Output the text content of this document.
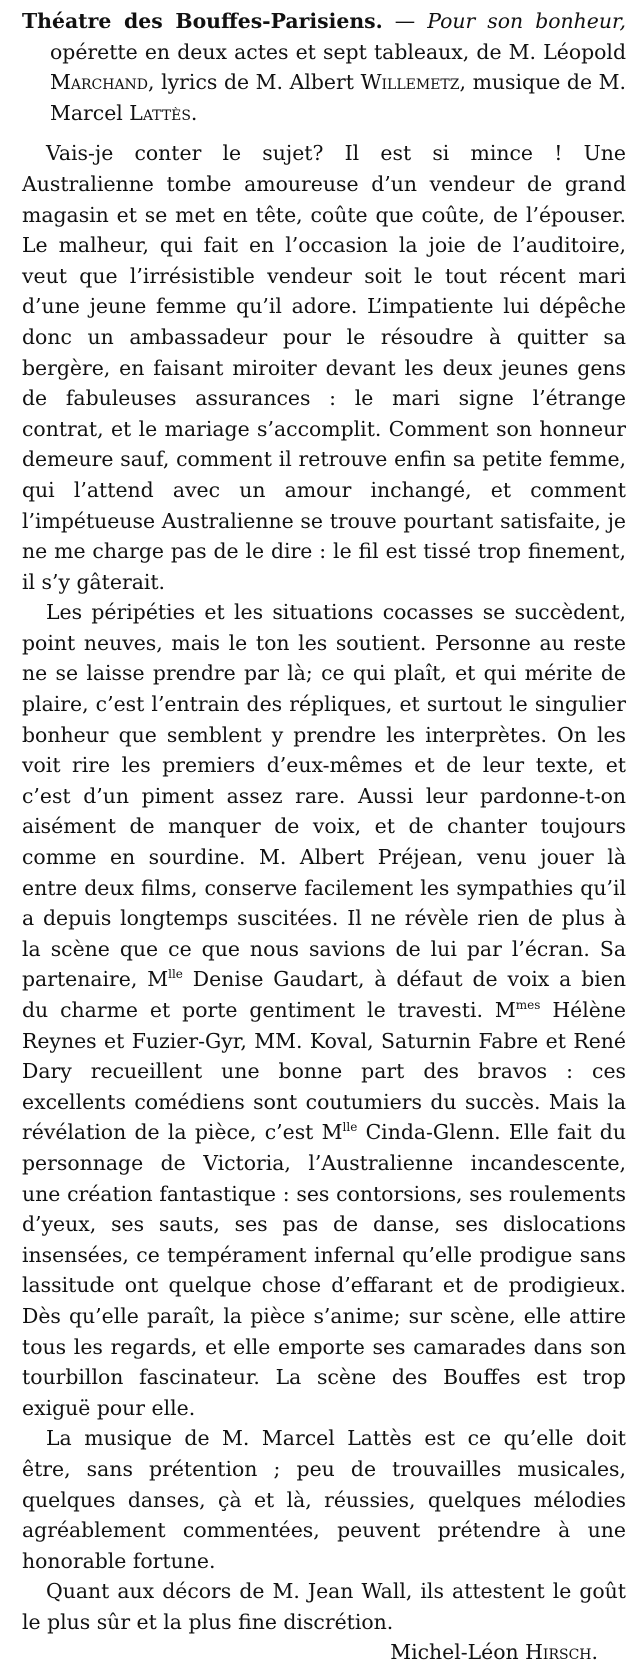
Théatre des Bouffes-Parisiens. — Pour son bonheur, opérette en deux actes et sept tableaux, de M. Léopold Marchand, lyrics de M. Albert Willemetz, musique de M. Marcel Lattès.

Vais-je conter le sujet? Il est si mince ! Une Australienne tombe amoureuse d’un vendeur de grand magasin et se met en tête, coûte que coûte, de l’épouser. Le malheur, qui fait en l’occasion la joie de l’auditoire, veut que l’irrésistible vendeur soit le tout récent mari d’une jeune femme qu’il adore. L’impatiente lui dépêche donc un ambassadeur pour le résoudre à quitter sa bergère, en faisant miroiter devant les deux jeunes gens de fabuleuses assurances : le mari signe l’étrange contrat, et le mariage s’accomplit. Comment son honneur demeure sauf, comment il retrouve enfin sa petite femme, qui l’attend avec un amour inchangé, et comment l’impétueuse Australienne se trouve pourtant satisfaite, je ne me charge pas de le dire : le fil est tissé trop finement, il s’y gâterait.

Les péripéties et les situations cocasses se succèdent, point neuves, mais le ton les soutient. Personne au reste ne se laisse prendre par là; ce qui plaît, et qui mérite de plaire, c’est l’entrain des répliques, et surtout le singulier bonheur que semblent y prendre les interprètes. On les voit rire les premiers d’eux-mêmes et de leur texte, et c’est d’un piment assez rare. Aussi leur pardonne-t-on aisément de manquer de voix, et de chanter toujours comme en sourdine. M. Albert Préjean, venu jouer là entre deux films, conserve facilement les sympathies qu’il a depuis longtemps suscitées. Il ne révèle rien de plus à la scène que ce que nous savions de lui par l’écran. Sa partenaire, $M^{lle}$ Denise Gaudart, à défaut de voix a bien du charme et porte gentiment le travesti. $M^{mes}$ Hélène Reynes et Fuzier-Gyr, MM. Koval, Saturnin Fabre et René Dary recueillent une bonne part des bravos : ces excellents comédiens sont coutumiers du succès. Mais la révélation de la pièce, c’est $M^{lle}$ Cinda-Glenn. Elle fait du personnage de Victoria, l’Australienne incandescente, une création fantastique : ses contorsions, ses roulements d’yeux, ses sauts, ses pas de danse, ses dislocations insensées, ce tempérament infernal qu’elle prodigue sans lassitude ont quelque chose d’effarant et de prodigieux. Dès qu’elle paraît, la pièce s’anime; sur scène, elle attire tous les regards, et elle emporte ses camarades dans son tourbillon fascinateur. La scène des Bouffes est trop exiguë pour elle.

La musique de M. Marcel Lattès est ce qu’elle doit être, sans prétention ; peu de trouvailles musicales, quelques danses, çà et là, réussies, quelques mélodies agréablement commentées, peuvent prétendre à une honorable fortune.

Quant aux décors de M. Jean Wall, ils attestent le goût le plus sûr et la plus fine discrétion.

Michel-Léon Hirsch.
